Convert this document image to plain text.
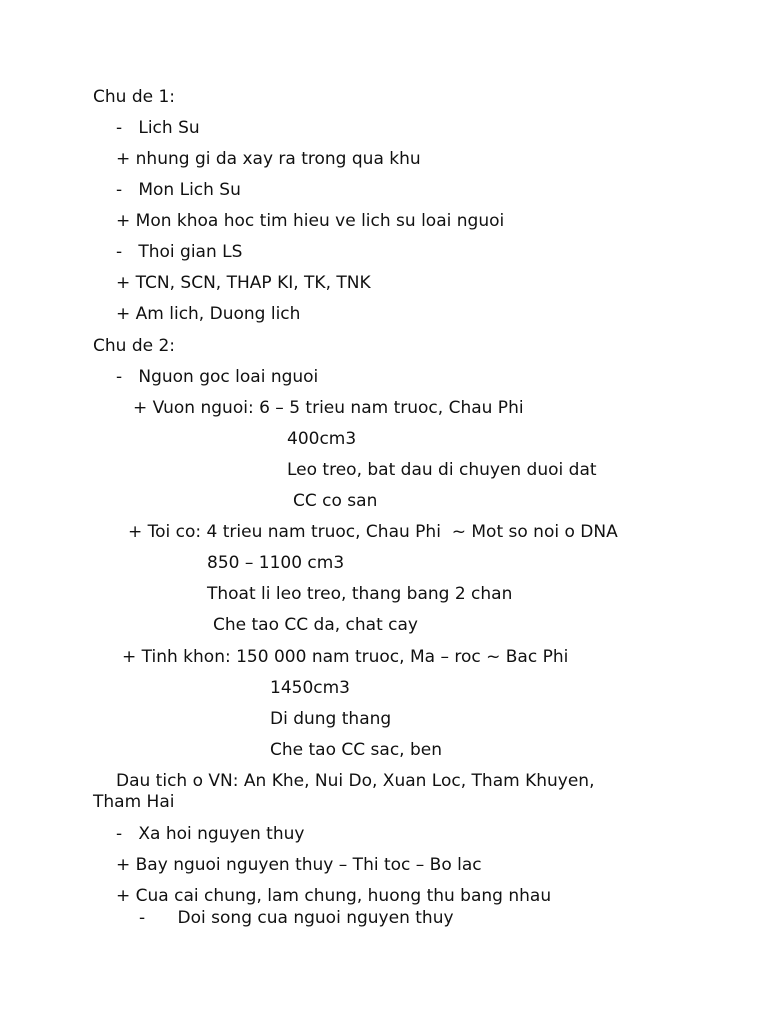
Chu de 1:
-   Lich Su
+ nhung gi da xay ra trong qua khu
-   Mon Lich Su
+ Mon khoa hoc tim hieu ve lich su loai nguoi
-   Thoi gian LS
+ TCN, SCN, THAP KI, TK, TNK
+ Am lich, Duong lich
Chu de 2:
-   Nguon goc loai nguoi
+ Vuon nguoi: 6 – 5 trieu nam truoc, Chau Phi
400cm3
Leo treo, bat dau di chuyen duoi dat
CC co san
+ Toi co: 4 trieu nam truoc, Chau Phi  ~ Mot so noi o DNA
850 – 1100 cm3
Thoat li leo treo, thang bang 2 chan
Che tao CC da, chat cay
+ Tinh khon: 150 000 nam truoc, Ma – roc ~ Bac Phi
1450cm3
Di dung thang
Che tao CC sac, ben
Dau tich o VN: An Khe, Nui Do, Xuan Loc, Tham Khuyen,
Tham Hai
-   Xa hoi nguyen thuy
+ Bay nguoi nguyen thuy – Thi toc – Bo lac
+ Cua cai chung, lam chung, huong thu bang nhau
-      Doi song cua nguoi nguyen thuy
